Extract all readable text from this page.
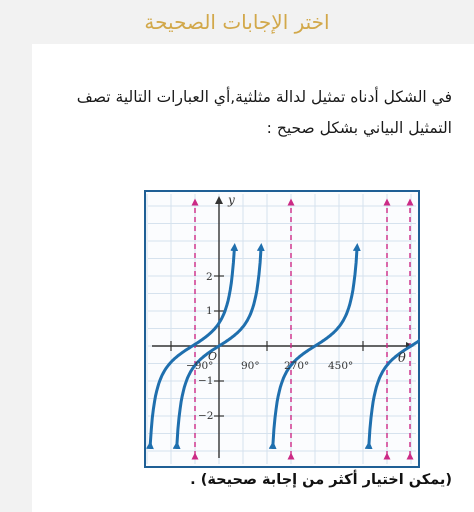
اختر الإجابات الصحيحة
في الشكل أدناه تمثيل لدالة مثلثية,أي العبارات التالية تصف
التمثيل البياني بشكل صحيح :
y
θ
O
−90°	90° 270° 450°
2
1
−1
−2
(يمكن اختيار أكثر من إجابة صحيحة) .
